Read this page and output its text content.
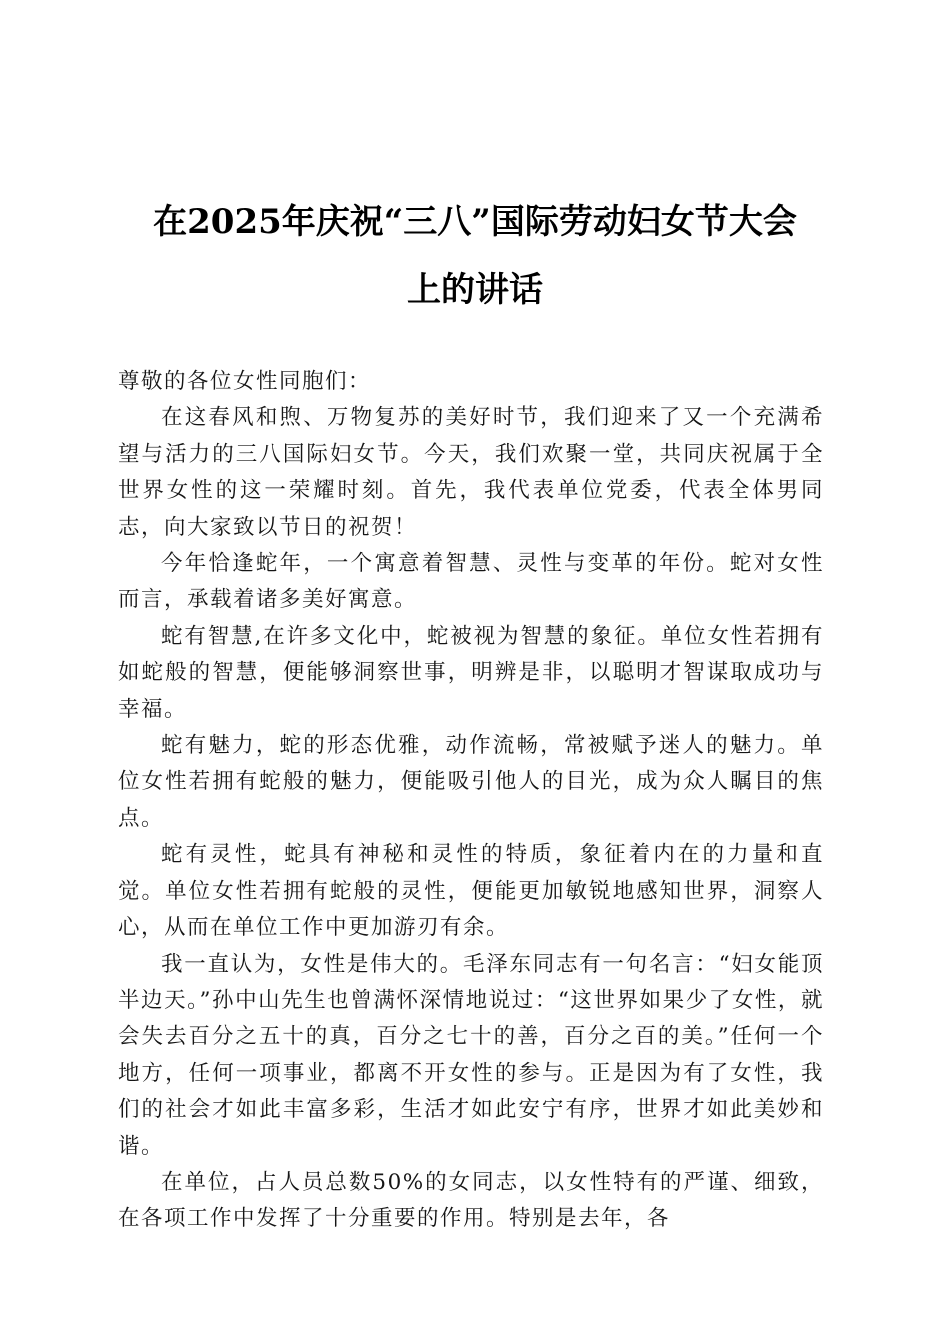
在2025年庆祝“三八”国际劳动妇女节大会
上的讲话

尊敬的各位女性同胞们：

在这春风和煦、万物复苏的美好时节，我们迎来了又一个充满希望与活力的三八国际妇女节。今天，我们欢聚一堂，共同庆祝属于全世界女性的这一荣耀时刻。首先，我代表单位党委，代表全体男同志，向大家致以节日的祝贺！

今年恰逢蛇年，一个寓意着智慧、灵性与变革的年份。蛇对女性而言，承载着诸多美好寓意。

蛇有智慧,在许多文化中，蛇被视为智慧的象征。单位女性若拥有如蛇般的智慧，便能够洞察世事，明辨是非，以聪明才智谋取成功与幸福。

蛇有魅力，蛇的形态优雅，动作流畅，常被赋予迷人的魅力。单位女性若拥有蛇般的魅力，便能吸引他人的目光，成为众人瞩目的焦点。

蛇有灵性，蛇具有神秘和灵性的特质，象征着内在的力量和直觉。单位女性若拥有蛇般的灵性，便能更加敏锐地感知世界，洞察人心，从而在单位工作中更加游刃有余。

我一直认为，女性是伟大的。毛泽东同志有一句名言：“妇女能顶半边天。”孙中山先生也曾满怀深情地说过：“这世界如果少了女性，就会失去百分之五十的真，百分之七十的善，百分之百的美。”任何一个地方，任何一项事业，都离不开女性的参与。正是因为有了女性，我们的社会才如此丰富多彩，生活才如此安宁有序，世界才如此美妙和谐。

在单位，占人员总数50%的女同志，以女性特有的严谨、细致，在各项工作中发挥了十分重要的作用。特别是去年，各
